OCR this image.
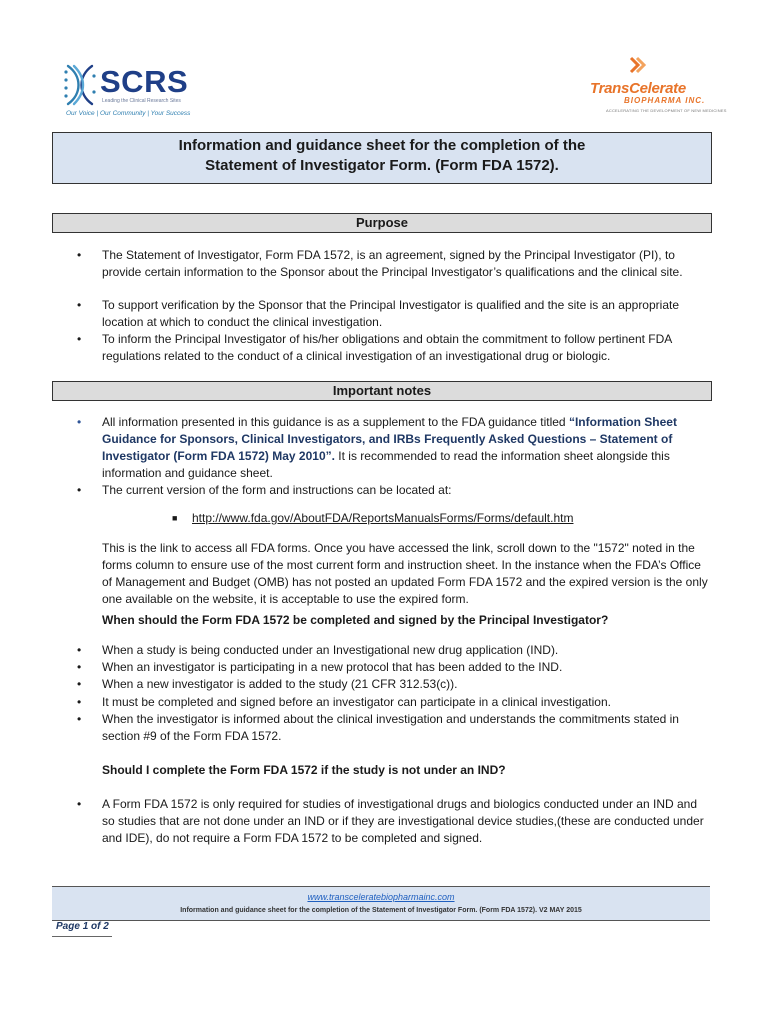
SCRS
Leading the Clinical Research Sites
Our Voice | Our Community | Your Success
TransCelerate
BIOPHARMA INC.
ACCELERATING THE DEVELOPMENT OF NEW MEDICINES
Information and guidance sheet for the completion of the
Statement of Investigator Form. (Form FDA 1572).
Purpose
• The Statement of Investigator, Form FDA 1572, is an agreement, signed by the Principal Investigator (PI), to provide certain information to the Sponsor about the Principal Investigator’s qualifications and the clinical site.
• To support verification by the Sponsor that the Principal Investigator is qualified and the site is an appropriate location at which to conduct the clinical investigation.
• To inform the Principal Investigator of his/her obligations and obtain the commitment to follow pertinent FDA regulations related to the conduct of a clinical investigation of an investigational drug or biologic.
Important notes
• All information presented in this guidance is as a supplement to the FDA guidance titled “Information Sheet Guidance for Sponsors, Clinical Investigators, and IRBs Frequently Asked Questions – Statement of Investigator (Form FDA 1572) May 2010”. It is recommended to read the information sheet alongside this information and guidance sheet.
• The current version of the form and instructions can be located at:
■ http://www.fda.gov/AboutFDA/ReportsManualsForms/Forms/default.htm
This is the link to access all FDA forms. Once you have accessed the link, scroll down to the "1572" noted in the forms column to ensure use of the most current form and instruction sheet. In the instance when the FDA’s Office of Management and Budget (OMB) has not posted an updated Form FDA 1572 and the expired version is the only one available on the website, it is acceptable to use the expired form.
When should the Form FDA 1572 be completed and signed by the Principal Investigator?
• When a study is being conducted under an Investigational new drug application (IND).
• When an investigator is participating in a new protocol that has been added to the IND.
• When a new investigator is added to the study (21 CFR 312.53(c)).
• It must be completed and signed before an investigator can participate in a clinical investigation.
• When the investigator is informed about the clinical investigation and understands the commitments stated in section #9 of the Form FDA 1572.
Should I complete the Form FDA 1572 if the study is not under an IND?
• A Form FDA 1572 is only required for studies of investigational drugs and biologics conducted under an IND and so studies that are not done under an IND or if they are investigational device studies,(these are conducted under and IDE), do not require a Form FDA 1572 to be completed and signed.
www.transceleratebiopharmainc.com
Information and guidance sheet for the completion of the Statement of Investigator Form. (Form FDA 1572). V2 MAY 2015
Page 1 of 2
